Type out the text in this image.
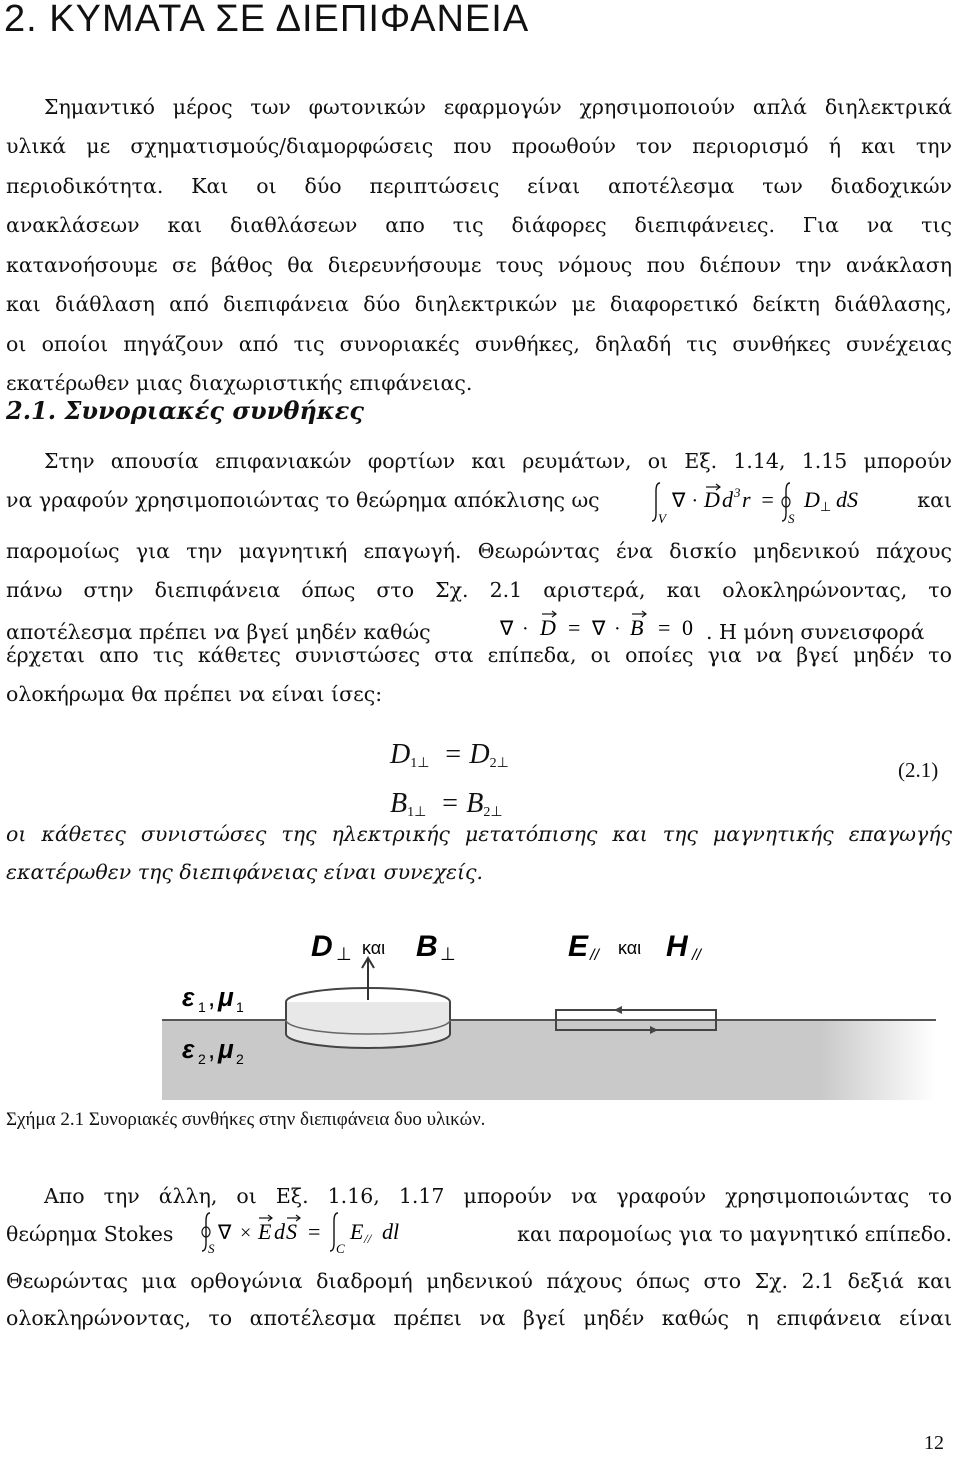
2. ΚΥΜΑΤΑ ΣΕ ΔΙΕΠΙΦΑΝΕΙΑ
Σημαντικό μέρος των φωτονικών εφαρμογών χρησιμοποιούν απλά διηλεκτρικά
υλικά με σχηματισμούς/διαμορφώσεις που προωθούν τον περιορισμό ή και την
περιοδικότητα. Και οι δύο περιπτώσεις είναι αποτέλεσμα των διαδοχικών
ανακλάσεων και διαθλάσεων απο τις διάφορες διεπιφάνειες. Για να τις
κατανοήσουμε σε βάθος θα διερευνήσουμε τους νόμους που διέπουν την ανάκλαση
και διάθλαση από διεπιφάνεια δύο διηλεκτρικών με διαφορετικό δείκτη διάθλασης,
οι οποίοι πηγάζουν από τις συνοριακές συνθήκες, δηλαδή τις συνθήκες συνέχειας
εκατέρωθεν μιας διαχωριστικής επιφάνειας.
2.1. Συνοριακές συνθήκες
Στην απουσία επιφανιακών φορτίων και ρευμάτων, οι Εξ. 1.14, 1.15 μπορούν
να γραφούν χρησιμοποιώντας το θεώρημα απόκλισης ως
V
∇ · D d 3 r =
S
D ⊥ dS	και
παρομοίως για την μαγνητική επαγωγή. Θεωρώντας ένα δισκίο μηδενικού πάχους
πάνω στην διεπιφάνεια όπως στο Σχ. 2.1 αριστερά, και ολοκληρώνοντας, το
αποτέλεσμα πρέπει να βγεί μηδέν καθώς	∇ · D = ∇ · B = 0 . Η μόνη συνεισφορά
έρχεται απο τις κάθετες συνιστώσες στα επίπεδα, οι οποίες για να βγεί μηδέν το
ολοκήρωμα θα πρέπει να είναι ίσες:
$D_{1\perp} = D_{2\perp}$
$B_{1\perp} = B_{2\perp}$
(2.1)
οι κάθετες συνιστώσες της ηλεκτρικής μετατόπισης και της μαγνητικής επαγωγής
εκατέρωθεν της διεπιφάνειας είναι συνεχείς.
D ⊥ και B ⊥	E // και H //
ε 1 , μ 1
ε 2 , μ 2
Σχήμα 2.1 Συνοριακές συνθήκες στην διεπιφάνεια δυο υλικών.
Απο την άλλη, οι Εξ. 1.16, 1.17 μπορούν να γραφούν χρησιμοποιώντας το
θεώρημα Stokes
S
∇ × E d S =
C
E // dl	και παρομοίως για το μαγνητικό επίπεδο.
Θεωρώντας μια ορθογώνια διαδρομή μηδενικού πάχους όπως στο Σχ. 2.1 δεξιά και
ολοκληρώνοντας, το αποτέλεσμα πρέπει να βγεί μηδέν καθώς η επιφάνεια είναι
12
